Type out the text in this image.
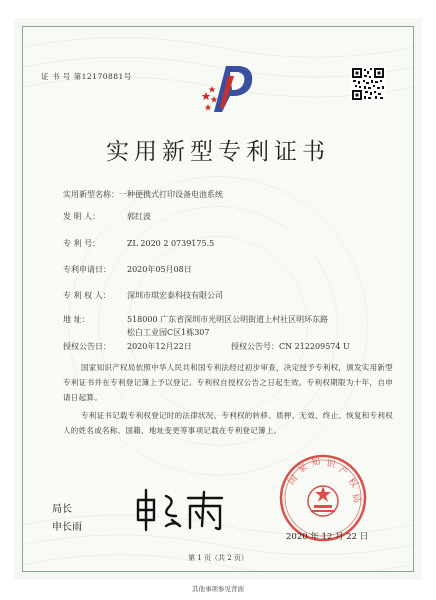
证 书 号 第12170881号
实用新型专利证书
实用新型名称：一种便携式打印设备电池系统
发 明 人：	郭红波
专 利 号：	ZL 2020 2 0739175.5
专利申请日： 2020年05月08日
专 利 权 人： 深圳市琪宏泰科技有限公司
地 址：	518000 广东省深圳市光明区公明街道上村社区明环东路
松白工业园C区1栋307
授权公告日： 2020年12月22日	授权公告号：CN 212209574 U
国家知识产权局依照中华人民共和国专利法经过初步审查，决定授予专利权，颁发实用新型专利证书并在专利登记簿上予以登记。专利权自授权公告之日起生效。专利权期限为十年，自申请日起算。
专利证书记载专利权登记时的法律状况。专利权的转移、质押、无效、终止、恢复和专利权人的姓名或名称、国籍、地址变更等事项记载在专利登记簿上。
局长
申长雨
国
家 知 识
产
权
局
2020 年 12 月 22 日
第 1 页（共 2 页）
其他事项参见背面
